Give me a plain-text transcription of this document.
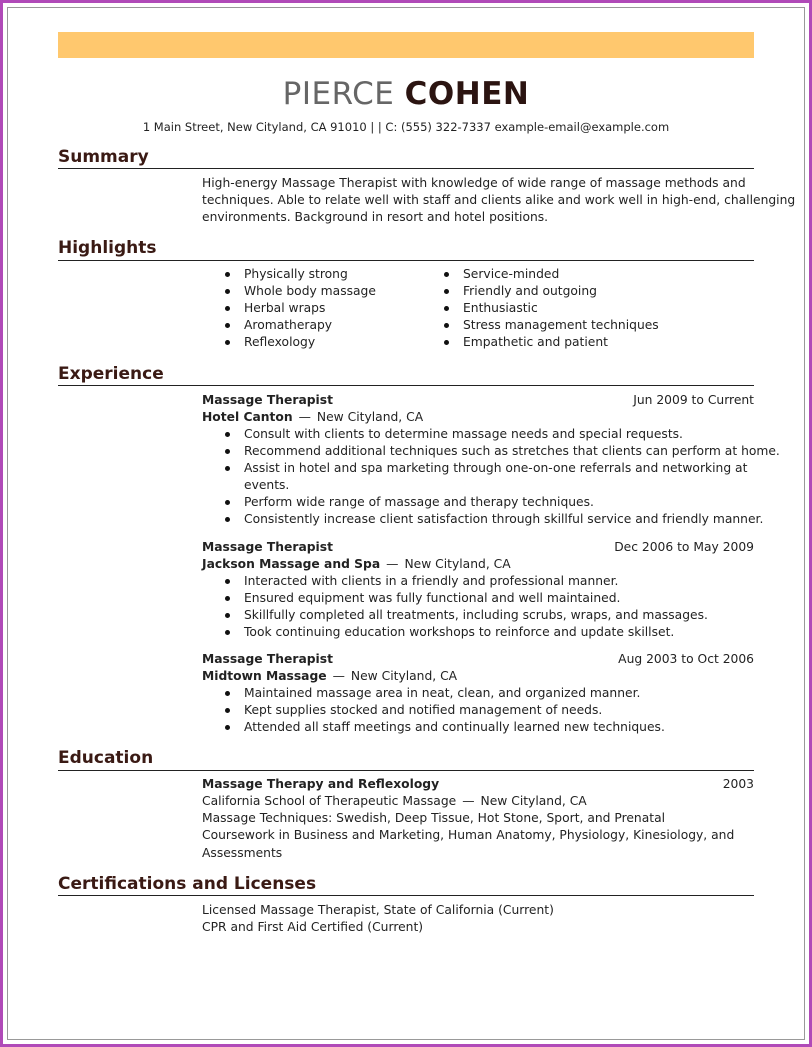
PIERCE COHEN
1 Main Street, New Cityland, CA 91010 | | C: (555) 322-7337 example-email@example.com
Summary
High-energy Massage Therapist with knowledge of wide range of massage methods and
techniques. Able to relate well with staff and clients alike and work well in high-end, challenging
environments. Background in resort and hotel positions.
Highlights
Physically strong
Whole body massage
Herbal wraps
Aromatherapy
Reflexology
Service-minded
Friendly and outgoing
Enthusiastic
Stress management techniques
Empathetic and patient
Experience
Massage Therapist	Jun 2009 to Current
Hotel Canton — New Cityland, CA
Consult with clients to determine massage needs and special requests.
Recommend additional techniques such as stretches that clients can perform at home.
Assist in hotel and spa marketing through one-on-one referrals and networking at
events.
Perform wide range of massage and therapy techniques.
Consistently increase client satisfaction through skillful service and friendly manner.
Massage Therapist	Dec 2006 to May 2009
Jackson Massage and Spa — New Cityland, CA
Interacted with clients in a friendly and professional manner.
Ensured equipment was fully functional and well maintained.
Skillfully completed all treatments, including scrubs, wraps, and massages.
Took continuing education workshops to reinforce and update skillset.
Massage Therapist	Aug 2003 to Oct 2006
Midtown Massage — New Cityland, CA
Maintained massage area in neat, clean, and organized manner.
Kept supplies stocked and notified management of needs.
Attended all staff meetings and continually learned new techniques.
Education
Massage Therapy and Reflexology	2003
California School of Therapeutic Massage — New Cityland, CA
Massage Techniques: Swedish, Deep Tissue, Hot Stone, Sport, and Prenatal
Coursework in Business and Marketing, Human Anatomy, Physiology, Kinesiology, and
Assessments
Certifications and Licenses
Licensed Massage Therapist, State of California (Current)
CPR and First Aid Certified (Current)
